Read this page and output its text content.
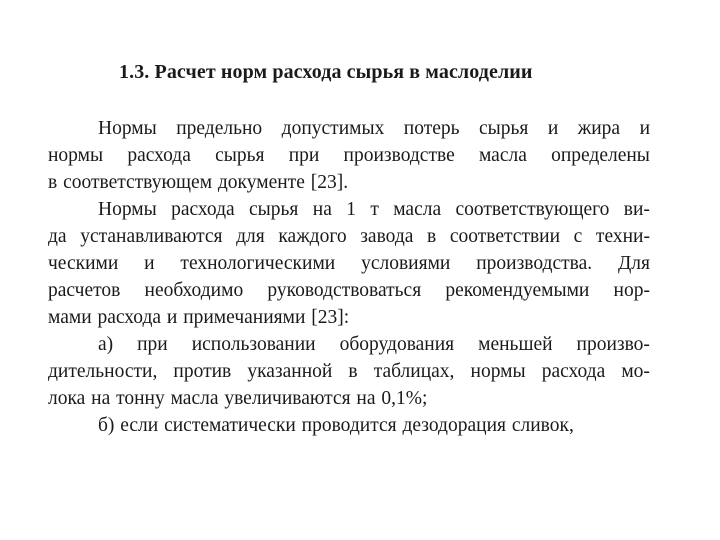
1.3. Расчет норм расхода сырья в маслоделии
Нормы предельно допустимых потерь сырья и жира и
нормы расхода сырья при производстве масла определены
в соответствующем документе [23].
Нормы расхода сырья на 1 т масла соответствующего ви-
да устанавливаются для каждого завода в соответствии с техни-
ческими и технологическими условиями производства. Для
расчетов необходимо руководствоваться рекомендуемыми нор-
мами расхода и примечаниями [23]:
а) при использовании оборудования меньшей произво-
дительности, против указанной в таблицах, нормы расхода мо-
лока на тонну масла увеличиваются на 0,1%;
б) если систематически проводится дезодорация сливок,
